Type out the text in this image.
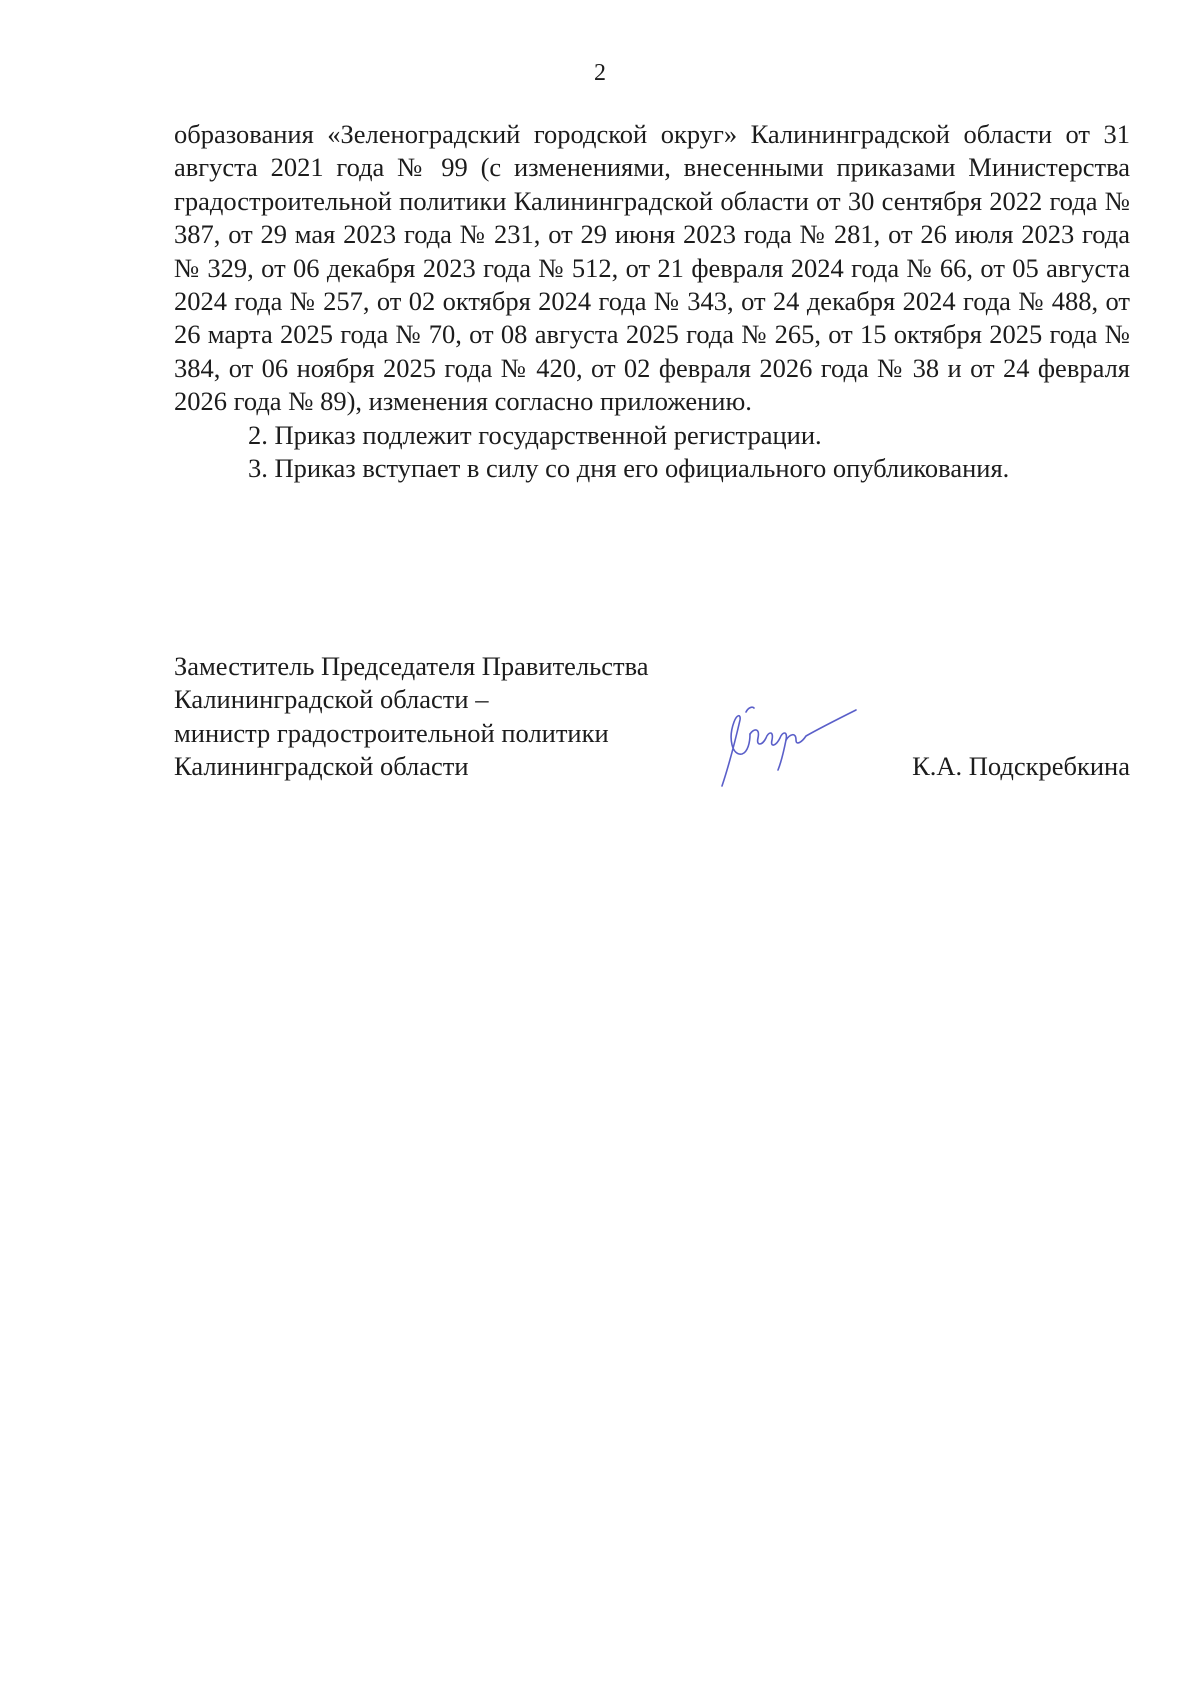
2

образования «Зеленоградский городской округ» Калининградской области от 31 августа 2021 года № 99 (с изменениями, внесенными приказами Министерства градостроительной политики Калининградской области от 30 сентября 2022 года № 387, от 29 мая 2023 года № 231, от 29 июня 2023 года № 281, от 26 июля 2023 года № 329, от 06 декабря 2023 года № 512, от 21 февраля 2024 года № 66, от 05 августа 2024 года № 257, от 02 октября 2024 года № 343, от 24 декабря 2024 года № 488, от 26 марта 2025 года № 70, от 08 августа 2025 года № 265, от 15 октября 2025 года № 384, от 06 ноября 2025 года № 420, от 02 февраля 2026 года № 38 и от 24 февраля 2026 года № 89), изменения согласно приложению.

2. Приказ подлежит государственной регистрации.

3. Приказ вступает в силу со дня его официального опубликования.

Заместитель Председателя Правительства
Калининградской области –
министр градостроительной политики
Калининградской области	К.А. Подскребкина
